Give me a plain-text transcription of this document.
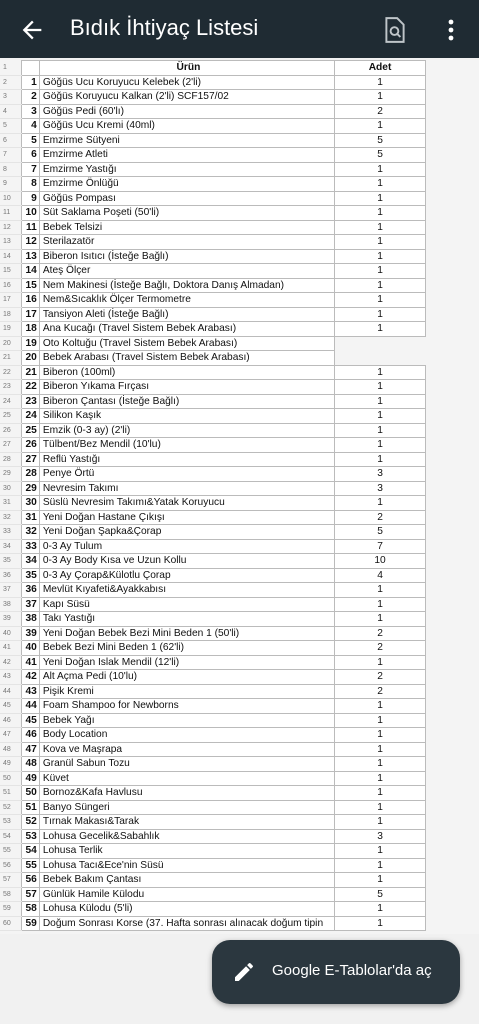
Bıdık İhtiyaç Listesi
1		Ürün	Adet
2	1	Göğüs Ucu Koruyucu Kelebek (2'li)	1
3	2	Göğüs Koruyucu Kalkan (2'li) SCF157/02	1
4	3	Göğüs Pedi (60'lı)	2
5	4	Göğüs Ucu Kremi (40ml)	1
6	5	Emzirme Sütyeni	5
7	6	Emzirme Atleti	5
8	7	Emzirme Yastığı	1
9	8	Emzirme Önlüğü	1
10	9	Göğüs Pompası	1
11	10	Süt Saklama Poşeti (50'li)	1
12	11	Bebek Telsizi	1
13	12	Sterilazatör	1
14	13	Biberon Isıtıcı (İsteğe Bağlı)	1
15	14	Ateş Ölçer	1
16	15	Nem Makinesi (İsteğe Bağlı, Doktora Danış Almadan)	1
17	16	Nem&Sıcaklık Ölçer Termometre	1
18	17	Tansiyon Aleti (İsteğe Bağlı)	1
19	18	Ana Kucağı (Travel Sistem Bebek Arabası)	1
20	19	Oto Koltuğu (Travel Sistem Bebek Arabası)	
21	20	Bebek Arabası (Travel Sistem Bebek Arabası)	
22	21	Biberon (100ml)	1
23	22	Biberon Yıkama Fırçası	1
24	23	Biberon Çantası (İsteğe Bağlı)	1
25	24	Silikon Kaşık	1
26	25	Emzik (0-3 ay) (2'li)	1
27	26	Tülbent/Bez Mendil (10'lu)	1
28	27	Reflü Yastığı	1
29	28	Penye Örtü	3
30	29	Nevresim Takımı	3
31	30	Süslü Nevresim Takımı&Yatak Koruyucu	1
32	31	Yeni Doğan Hastane Çıkışı	2
33	32	Yeni Doğan Şapka&Çorap	5
34	33	0-3 Ay Tulum	7
35	34	0-3 Ay Body Kısa ve Uzun Kollu	10
36	35	0-3 Ay Çorap&Külotlu Çorap	4
37	36	Mevlüt Kıyafeti&Ayakkabısı	1
38	37	Kapı Süsü	1
39	38	Takı Yastığı	1
40	39	Yeni Doğan Bebek Bezi Mini Beden 1 (50'li)	2
41	40	Bebek Bezi Mini Beden 1 (62'li)	2
42	41	Yeni Doğan Islak Mendil (12'li)	1
43	42	Alt Açma Pedi (10'lu)	2
44	43	Pişik Kremi	2
45	44	Foam Shampoo for Newborns	1
46	45	Bebek Yağı	1
47	46	Body Location	1
48	47	Kova ve Maşrapa	1
49	48	Granül Sabun Tozu	1
50	49	Küvet	1
51	50	Bornoz&Kafa Havlusu	1
52	51	Banyo Süngeri	1
53	52	Tırnak Makası&Tarak	1
54	53	Lohusa Gecelik&Sabahlık	3
55	54	Lohusa Terlik	1
56	55	Lohusa Tacı&Ece'nin Süsü	1
57	56	Bebek Bakım Çantası	1
58	57	Günlük Hamile Külodu	5
59	58	Lohusa Külodu (5'li)	1
60	59	Doğum Sonrası Korse (37. Hafta sonrası alınacak doğum tipin	1
Google E-Tablolar'da aç
